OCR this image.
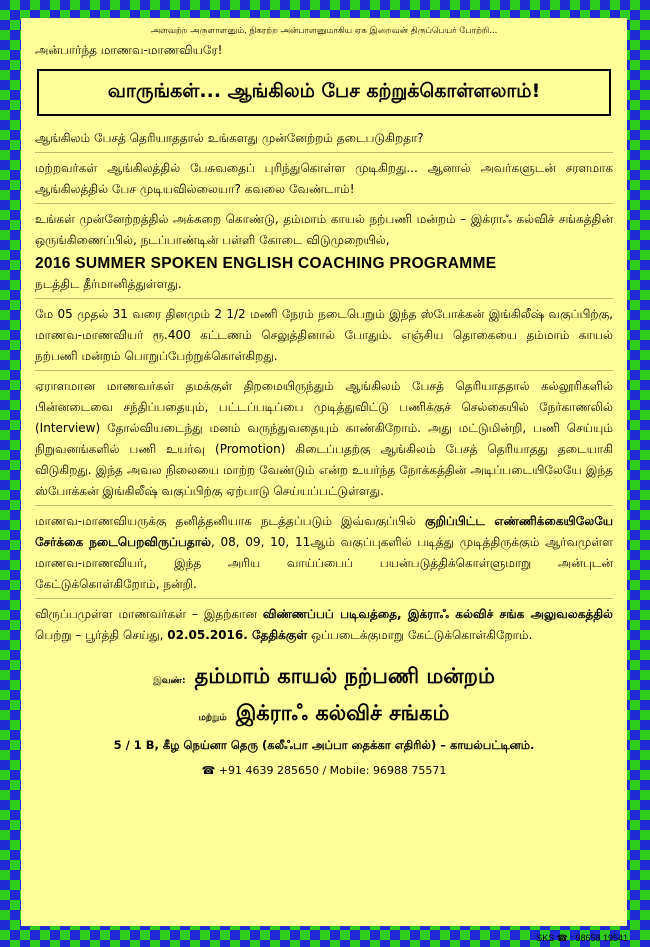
அளவற்ற அருளாளனும், நிகரற்ற அன்பாளனுமாகிய ஏக இறைவன் திருப்பெயர் போற்றி...

அன்பார்ந்த மாணவ-மாணவியரே!

வாருங்கள்... ஆங்கிலம் பேச கற்றுக்கொள்ளலாம்!

ஆங்கிலம் பேசத் தெரியாததால் உங்களது முன்னேற்றம் தடைபடுகிறதா?

மற்றவர்கள் ஆங்கிலத்தில் பேசுவதைப் புரிந்துகொள்ள முடிகிறது... ஆனால் அவர்களுடன் சரளமாக ஆங்கிலத்தில் பேச முடியவில்லையா? கவலை வேண்டாம்!

உங்கள் முன்னேற்றத்தில் அக்கறை கொண்டு, தம்மாம் காயல் நற்பணி மன்றம் – இக்ராஃ கல்விச் சங்கத்தின் ஒருங்கிணைப்பில், நடப்பாண்டின் பள்ளி கோடை விடுமுறையில்,
2016 SUMMER SPOKEN ENGLISH COACHING PROGRAMME
நடத்திட தீர்மானித்துள்ளது.

மே 05 முதல் 31 வரை தினமும் 2 1/2 மணி நேரம் நடைபெறும் இந்த ஸ்போக்கன் இங்கிலீஷ் வகுப்பிற்கு, மாணவ-மாணவியர் ரூ.400 கட்டணம் செலுத்தினால் போதும். எஞ்சிய தொகையை தம்மாம் காயல் நற்பணி மன்றம் பொறுப்பேற்றுக்கொள்கிறது.

ஏராளமான மாணவர்கள் தமக்குள் திறமையிருந்தும் ஆங்கிலம் பேசத் தெரியாததால் கல்லூரிகளில் பின்னடைவை சந்திப்பதையும், பட்டப்படிப்பை முடித்துவிட்டு பணிக்குச் செல்கையில் நேர்காணலில் (Interview) தோல்வியடைந்து மனம் வருந்துவதையும் காண்கிறோம். அது மட்டுமின்றி, பணி செய்யும் நிறுவனங்களில் பணி உயர்வு (Promotion) கிடைப்பதற்கு ஆங்கிலம் பேசத் தெரியாதது தடையாகி விடுகிறது. இந்த அவல நிலையை மாற்ற வேண்டும் என்ற உயர்ந்த நோக்கத்தின் அடிப்படையிலேயே இந்த ஸ்போக்கன் இங்கிலீஷ் வகுப்பிற்கு ஏற்பாடு செய்யப்பட்டுள்ளது.

மாணவ-மாணவியருக்கு தனித்தனியாக நடத்தப்படும் இவ்வகுப்பில் குறிப்பிட்ட எண்ணிக்கையிலேயே சேர்க்கை நடைபெறவிருப்பதால், 08, 09, 10, 11ஆம் வகுப்புகளில் படித்து முடித்திருக்கும் ஆர்வமுள்ள மாணவ-மாணவியர், இந்த அரிய வாய்ப்பைப் பயன்படுத்திக்கொள்ளுமாறு அன்புடன் கேட்டுக்கொள்கிறோம், நன்றி.

விருப்பமுள்ள மாணவர்கள் – இதற்கான விண்ணப்பப் படிவத்தை, இக்ராஃ கல்விச் சங்க அலுவலகத்தில் பெற்று – பூர்த்தி செய்து, 02.05.2016. தேதிக்குள் ஒப்படைக்குமாறு கேட்டுக்கொள்கிறோம்.

இவண்: தம்மாம் காயல் நற்பணி மன்றம்

மற்றும் இக்ராஃ கல்விச் சங்கம்

5 / 1 B, கீழ நெய்னா தெரு (கலீஃபா அப்பா தைக்கா எதிரில்) – காயல்பட்டினம்.

☎ +91 4639 285650 / Mobile: 96988 75571

SKS ☎ : 98658 19541
